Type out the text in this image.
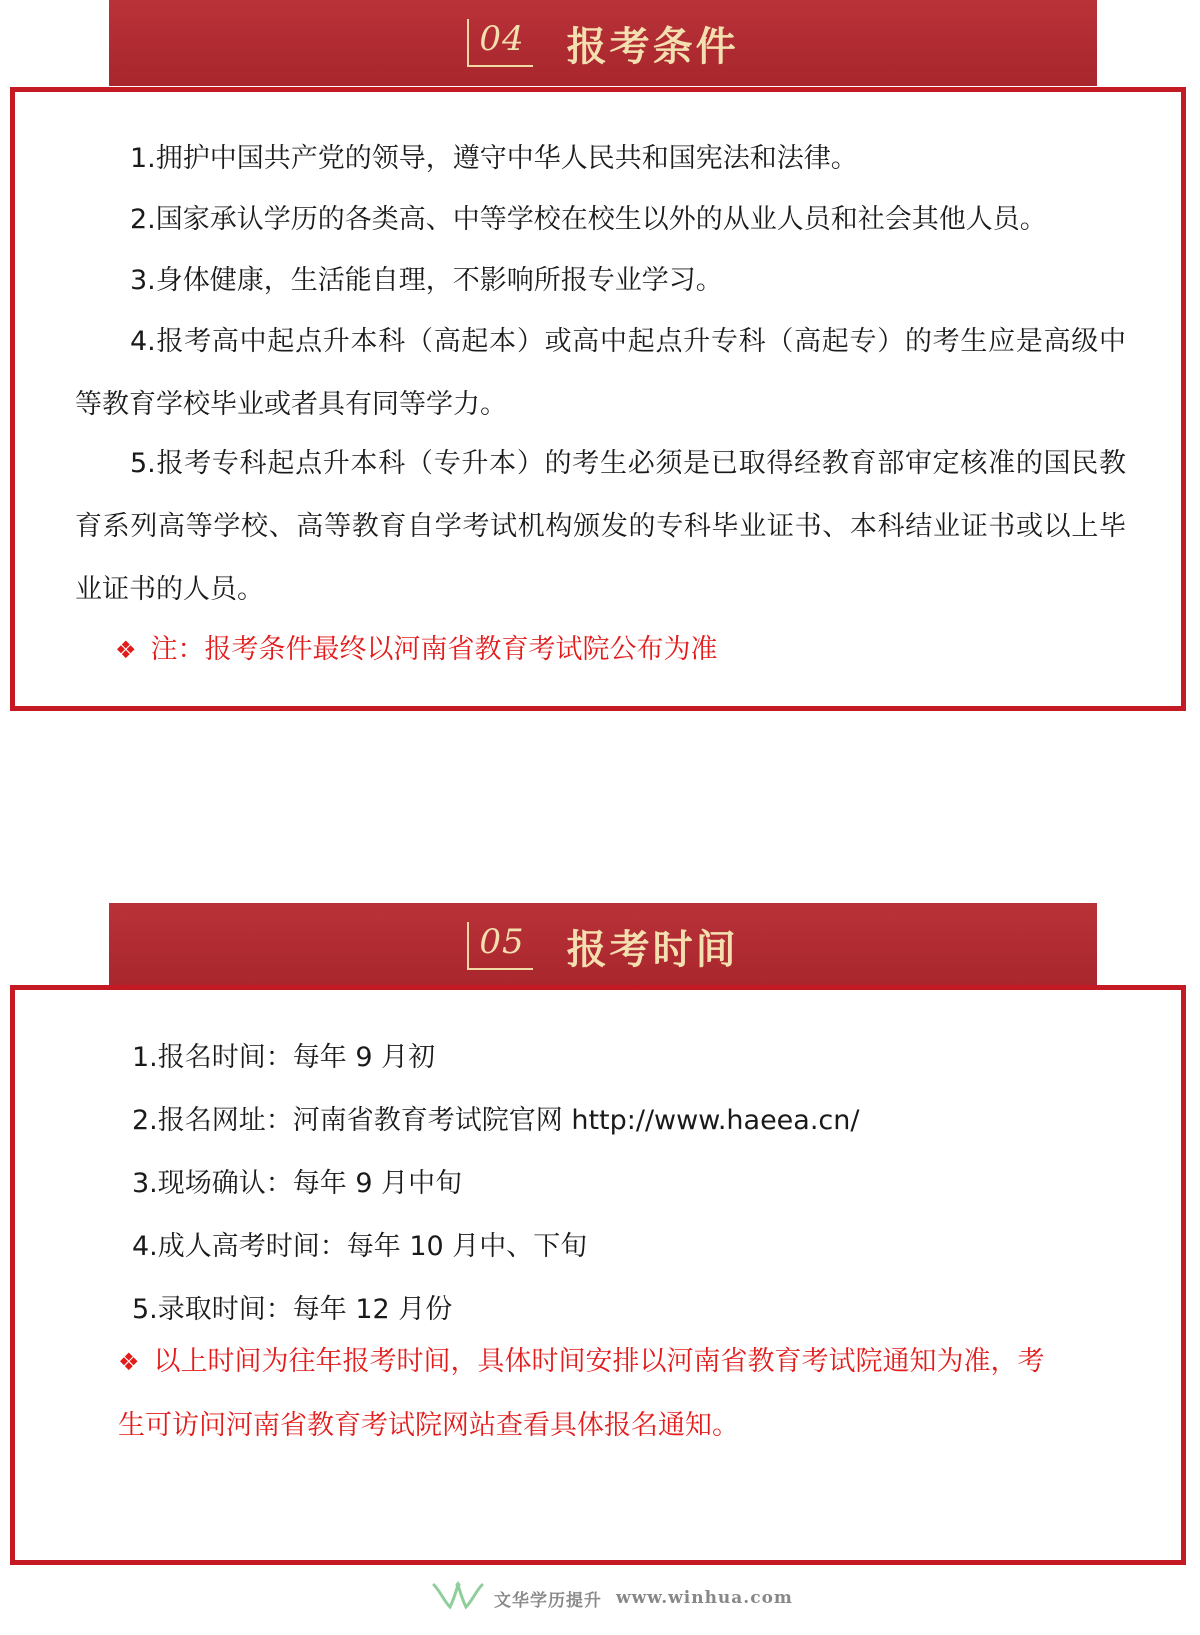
04 报考条件
1.拥护中国共产党的领导，遵守中华人民共和国宪法和法律。
2.国家承认学历的各类高、中等学校在校生以外的从业人员和社会其他人员。
3.身体健康，生活能自理，不影响所报专业学习。
4.报考高中起点升本科（高起本）或高中起点升专科（高起专）的考生应是高级中等教育学校毕业或者具有同等学力。
5.报考专科起点升本科（专升本）的考生必须是已取得经教育部审定核准的国民教育系列高等学校、高等教育自学考试机构颁发的专科毕业证书、本科结业证书或以上毕业证书的人员。
❖ 注：报考条件最终以河南省教育考试院公布为准
05 报考时间
1.报名时间：每年 9 月初
2.报名网址：河南省教育考试院官网 http://www.haeea.cn/
3.现场确认：每年 9 月中旬
4.成人高考时间：每年 10 月中、下旬
5.录取时间：每年 12 月份
❖ 以上时间为往年报考时间，具体时间安排以河南省教育考试院通知为准，考生可访问河南省教育考试院网站查看具体报名通知。
文华学历提升 www.winhua.com
